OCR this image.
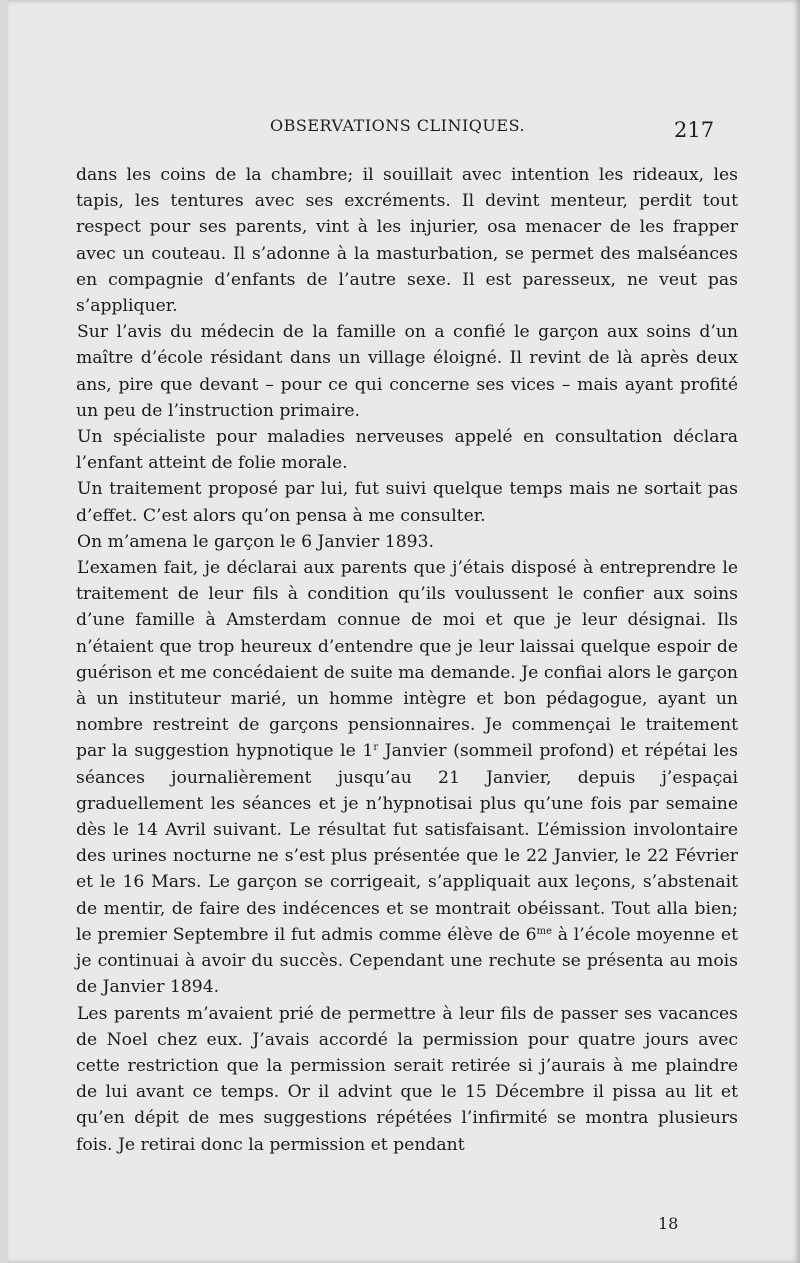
OBSERVATIONS CLINIQUES.	217

dans les coins de la chambre; il souillait avec intention les rideaux, les tapis, les tentures avec ses excréments. Il devint menteur, perdit tout respect pour ses parents, vint à les injurier, osa menacer de les frapper avec un couteau. Il s’adonne à la masturbation, se permet des malséances en compagnie d’enfants de l’autre sexe. Il est paresseux, ne veut pas s’appliquer.

Sur l’avis du médecin de la famille on a confié le garçon aux soins d’un maître d’école résidant dans un village éloigné. Il revint de là après deux ans, pire que devant – pour ce qui concerne ses vices – mais ayant profité un peu de l’instruction primaire.

Un spécialiste pour maladies nerveuses appelé en consultation déclara l’enfant atteint de folie morale.

Un traitement proposé par lui, fut suivi quelque temps mais ne sortait pas d’effet. C’est alors qu’on pensa à me consulter.

On m’amena le garçon le 6 Janvier 1893.

L’examen fait, je déclarai aux parents que j’étais disposé à entreprendre le traitement de leur fils à condition qu’ils voulussent le confier aux soins d’une famille à Amsterdam connue de moi et que je leur désignai. Ils n’étaient que trop heureux d’entendre que je leur laissai quelque espoir de guérison et me concédaient de suite ma demande. Je confiai alors le garçon à un instituteur marié, un homme intègre et bon pédagogue, ayant un nombre restreint de garçons pensionnaires. Je commençai le traitement par la suggestion hypnotique le 1$^r$ Janvier (sommeil profond) et répétai les séances journalièrement jusqu’au 21 Janvier, depuis j’espaçai graduellement les séances et je n’hypnotisai plus qu’une fois par semaine dès le 14 Avril suivant. Le résultat fut satisfaisant. L’émission involontaire des urines nocturne ne s’est plus présentée que le 22 Janvier, le 22 Février et le 16 Mars. Le garçon se corrigeait, s’appliquait aux leçons, s’abstenait de mentir, de faire des indécences et se montrait obéissant. Tout alla bien; le premier Septembre il fut admis comme élève de $6^{me}$ à l’école moyenne et je continuai à avoir du succès. Cependant une rechute se présenta au mois de Janvier 1894.

Les parents m’avaient prié de permettre à leur fils de passer ses vacances de Noel chez eux. J’avais accordé la permission pour quatre jours avec cette restriction que la permission serait retirée si j’aurais à me plaindre de lui avant ce temps. Or il advint que le 15 Décembre il pissa au lit et qu’en dépit de mes suggestions répétées l’infirmité se montra plusieurs fois. Je retirai donc la permission et pendant

18
